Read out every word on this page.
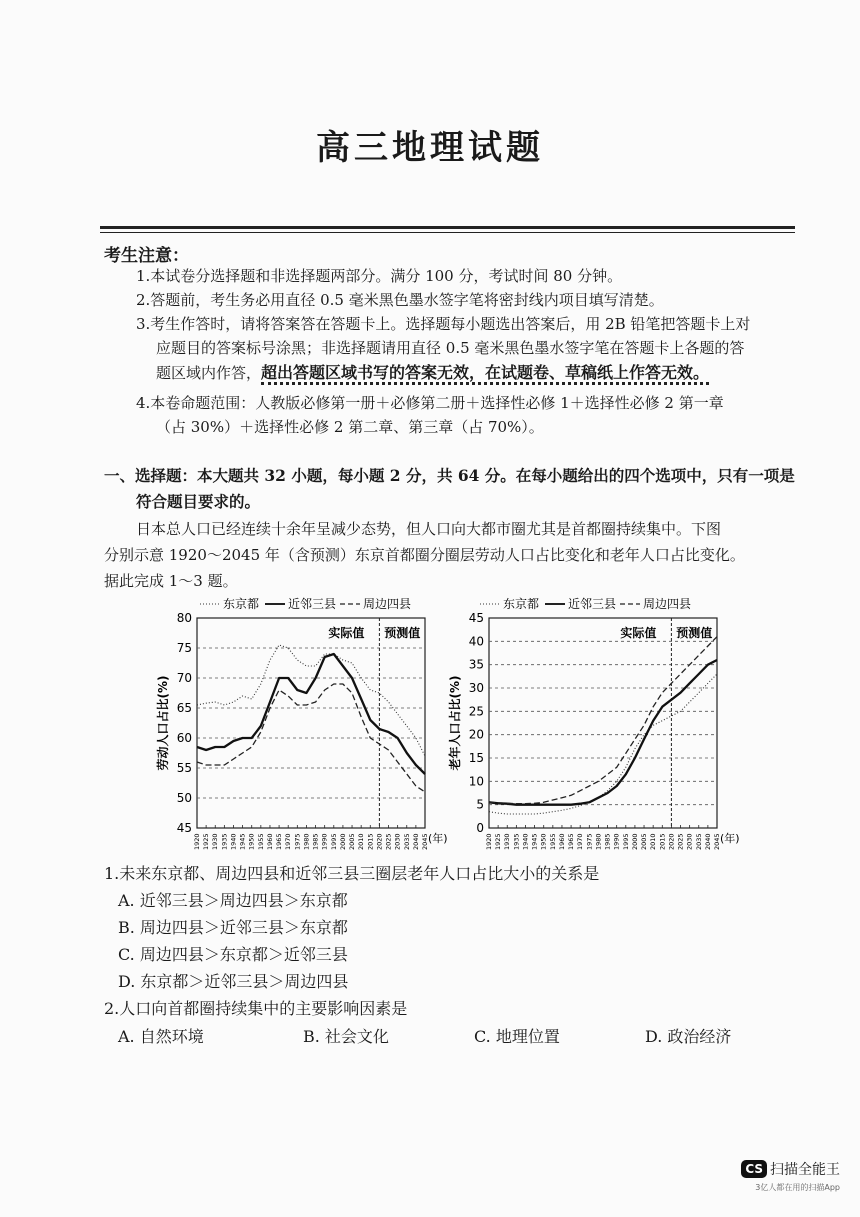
高三地理试题
考生注意：
1.本试卷分选择题和非选择题两部分。满分 100 分，考试时间 80 分钟。
2.答题前，考生务必用直径 0.5 毫米黑色墨水签字笔将密封线内项目填写清楚。
3.考生作答时，请将答案答在答题卡上。选择题每小题选出答案后，用 2B 铅笔把答题卡上对
应题目的答案标号涂黑；非选择题请用直径 0.5 毫米黑色墨水签字笔在答题卡上各题的答
题区域内作答，超出答题区域书写的答案无效，在试题卷、草稿纸上作答无效。
4.本卷命题范围：人教版必修第一册＋必修第二册＋选择性必修 1＋选择性必修 2 第一章
（占 30%）＋选择性必修 2 第二章、第三章（占 70%）。
一、选择题：本大题共 32 小题，每小题 2 分，共 64 分。在每小题给出的四个选项中，只有一项是
符合题目要求的。
日本总人口已经连续十余年呈减少态势，但人口向大都市圈尤其是首都圈持续集中。下图
分别示意 1920～2045 年（含预测）东京首都圈分圈层劳动人口占比变化和老年人口占比变化。
据此完成 1～3 题。
东京都 近邻三县 周边四县
45
50
55
60
65
70
75
80
1920 1925 1930 1935 1940 1945 1950 1955 1960 1965 1970 1975 1980 1985 1990 1995 2000 2005 2010 2015 2020 2025 2030 2035 2040 2045 (年)
劳动人口占比(%)
实际值 预测值
东京都 近邻三县 周边四县
0
5
10
15
20
25
30
35
40
45
1920 1925 1930 1935 1940 1945 1950 1955 1960 1965 1970 1975 1980 1985 1990 1995 2000 2005 2010 2015 2020 2025 2030 2035 2040 2045 (年)
老年人口占比(%)
实际值 预测值
1.未来东京都、周边四县和近邻三县三圈层老年人口占比大小的关系是
A. 近邻三县＞周边四县＞东京都
B. 周边四县＞近邻三县＞东京都
C. 周边四县＞东京都＞近邻三县
D. 东京都＞近邻三县＞周边四县
2.人口向首都圈持续集中的主要影响因素是
A. 自然环境	B. 社会文化	C. 地理位置	D. 政治经济
CS 扫描全能王
3亿人都在用的扫描App
